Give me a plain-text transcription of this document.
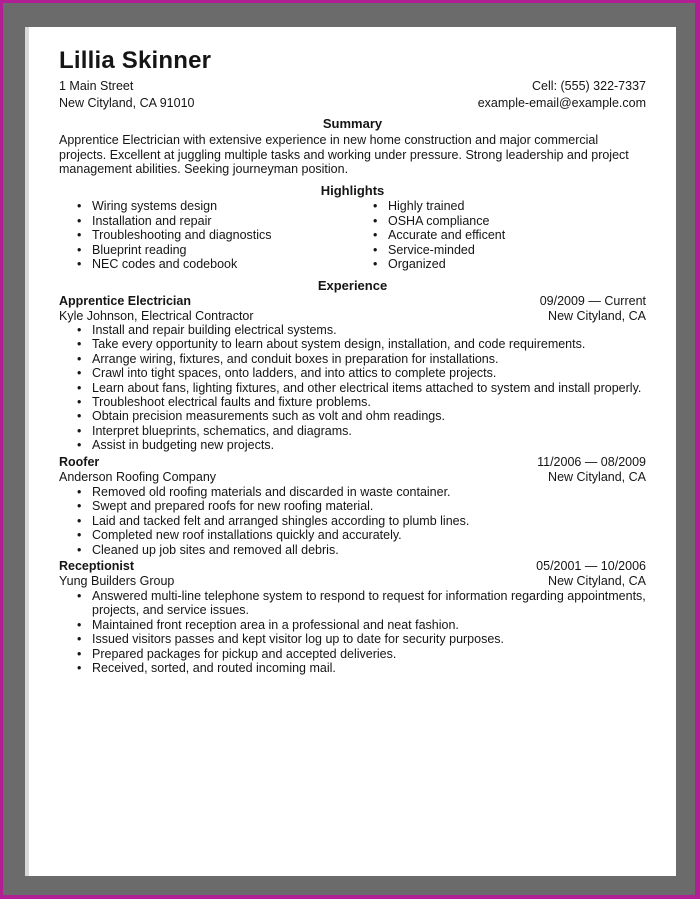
Lillia Skinner
1 Main Street
New Cityland, CA 91010
Cell: (555) 322-7337
example-email@example.com
Summary
Apprentice Electrician with extensive experience in new home construction and major commercial projects. Excellent at juggling multiple tasks and working under pressure. Strong leadership and project management abilities. Seeking journeyman position.
Highlights
• Wiring systems design
• Installation and repair
• Troubleshooting and diagnostics
• Blueprint reading
• NEC codes and codebook
• Highly trained
• OSHA compliance
• Accurate and efficent
• Service-minded
• Organized
Experience
Apprentice Electrician	09/2009 — Current
Kyle Johnson, Electrical Contractor	New Cityland, CA
• Install and repair building electrical systems.
• Take every opportunity to learn about system design, installation, and code requirements.
• Arrange wiring, fixtures, and conduit boxes in preparation for installations.
• Crawl into tight spaces, onto ladders, and into attics to complete projects.
• Learn about fans, lighting fixtures, and other electrical items attached to system and install properly.
• Troubleshoot electrical faults and fixture problems.
• Obtain precision measurements such as volt and ohm readings.
• Interpret blueprints, schematics, and diagrams.
• Assist in budgeting new projects.
Roofer	11/2006 — 08/2009
Anderson Roofing Company	New Cityland, CA
• Removed old roofing materials and discarded in waste container.
• Swept and prepared roofs for new roofing material.
• Laid and tacked felt and arranged shingles according to plumb lines.
• Completed new roof installations quickly and accurately.
• Cleaned up job sites and removed all debris.
Receptionist	05/2001 — 10/2006
Yung Builders Group	New Cityland, CA
• Answered multi-line telephone system to respond to request for information regarding appointments, projects, and service issues.
• Maintained front reception area in a professional and neat fashion.
• Issued visitors passes and kept visitor log up to date for security purposes.
• Prepared packages for pickup and accepted deliveries.
• Received, sorted, and routed incoming mail.
